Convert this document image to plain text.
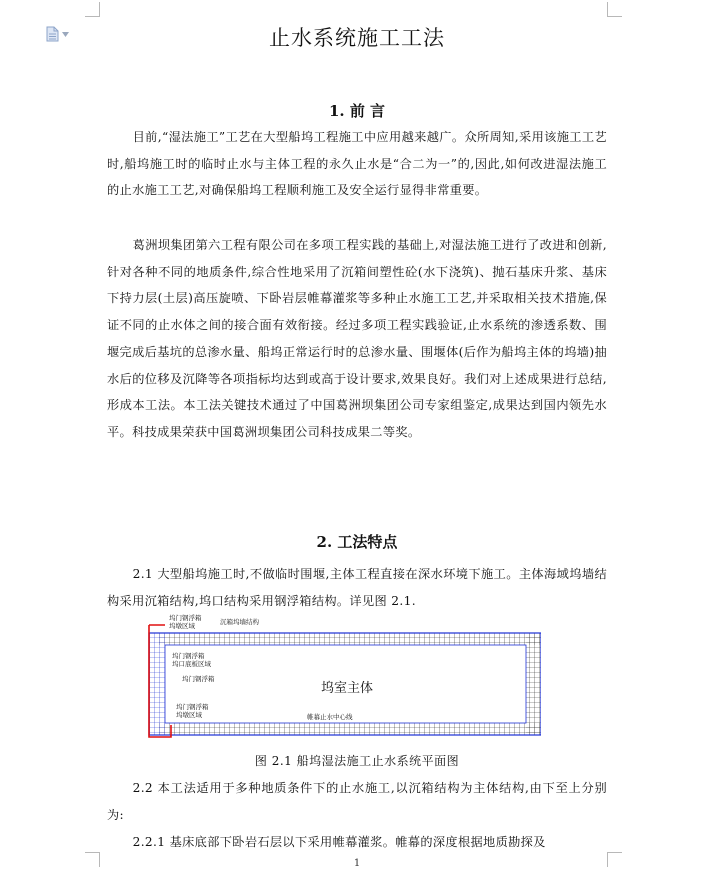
止水系统施工工法
1. 前 言

目前,“湿法施工”工艺在大型船坞工程施工中应用越来越广。众所周知,采用该施工工艺时,船坞施工时的临时止水与主体工程的永久止水是“合二为一”的,因此,如何改进湿法施工的止水施工工艺,对确保船坞工程顺利施工及安全运行显得非常重要。

葛洲坝集团第六工程有限公司在多项工程实践的基础上,对湿法施工进行了改进和创新,针对各种不同的地质条件,综合性地采用了沉箱间塑性砼(水下浇筑)、抛石基床升浆、基床下持力层(土层)高压旋喷、下卧岩层帷幕灌浆等多种止水施工工艺,并采取相关技术措施,保证不同的止水体之间的接合面有效衔接。经过多项工程实践验证,止水系统的渗透系数、围堰完成后基坑的总渗水量、船坞正常运行时的总渗水量、围堰体(后作为船坞主体的坞墙)抽水后的位移及沉降等各项指标均达到或高于设计要求,效果良好。我们对上述成果进行总结,形成本工法。本工法关键技术通过了中国葛洲坝集团公司专家组鉴定,成果达到国内领先水平。科技成果荣获中国葛洲坝集团公司科技成果二等奖。

2. 工法特点

2.1 大型船坞施工时,不做临时围堰,主体工程直接在深水环境下施工。主体海域坞墙结构采用沉箱结构,坞口结构采用钢浮箱结构。详见图 2.1.

坞室主体
坞门钢浮箱
坞墩区域	沉箱坞墙结构
坞门钢浮箱
坞口底板区域
坞门钢浮箱
坞门钢浮箱
坞墩区域	帷幕止水中心线
图 2.1 船坞湿法施工止水系统平面图

2.2 本工法适用于多种地质条件下的止水施工,以沉箱结构为主体结构,由下至上分别为:

2.2.1 基床底部下卧岩石层以下采用帷幕灌浆。帷幕的深度根据地质勘探及

1
